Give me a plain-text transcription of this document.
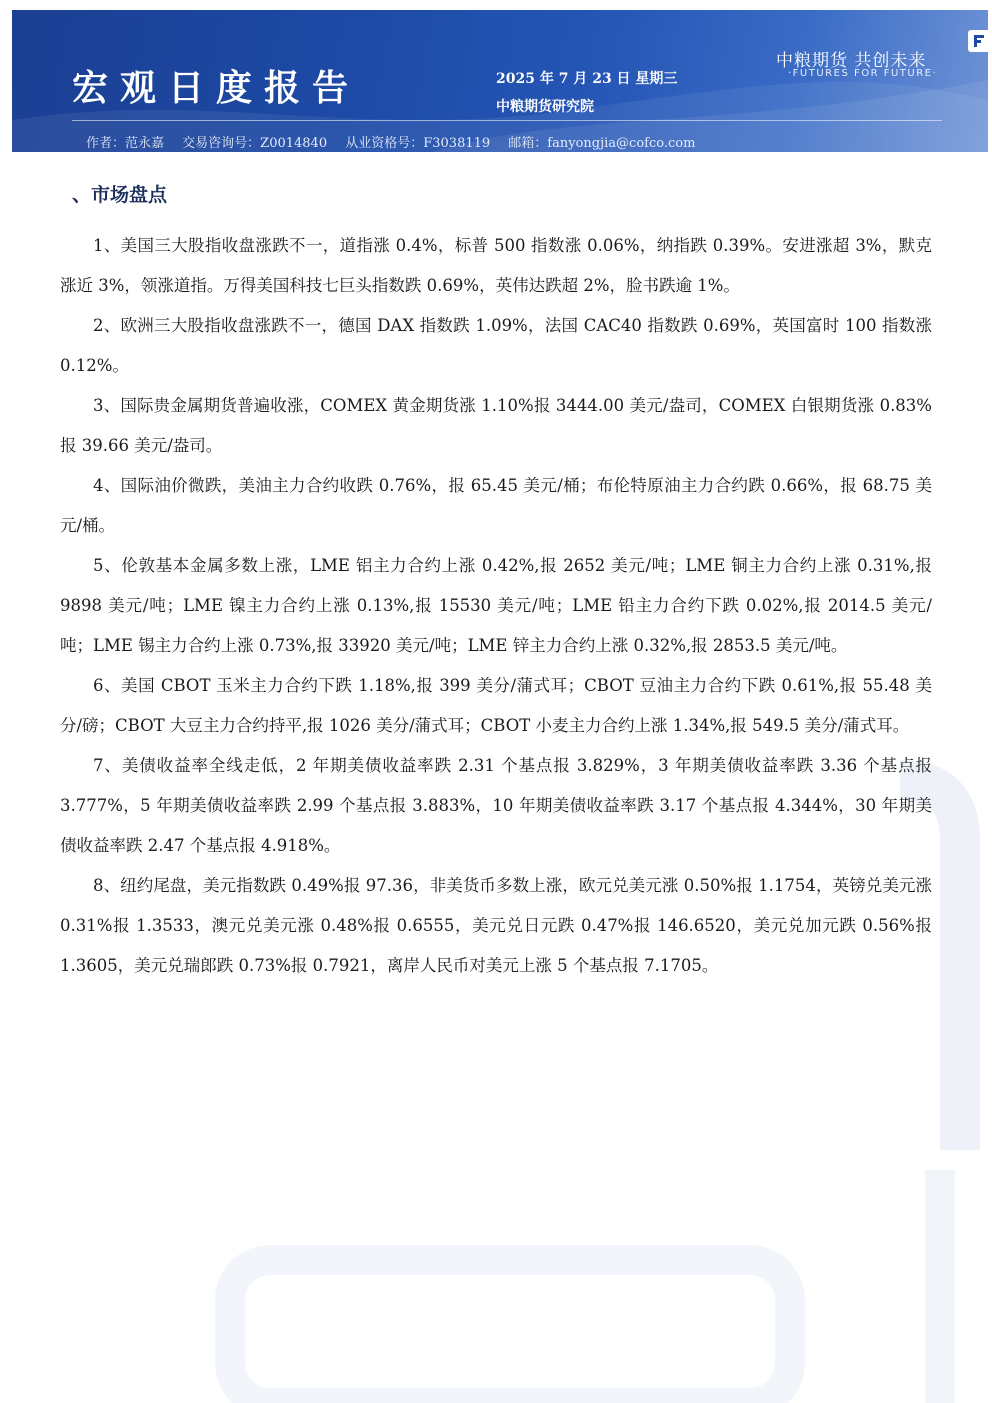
宏观日度报告	2025 年 7 月 23 日 星期三
中粮期货研究院
中粮期货 共创未来
·FUTURES FOR FUTURE·
作者：范永嘉 交易咨询号：Z0014840 从业资格号：F3038119 邮箱：fanyongjia@cofco.com
、市场盘点

1、美国三大股指收盘涨跌不一，道指涨 0.4%，标普 500 指数涨 0.06%，纳指跌 0.39%。安进涨超 3%，默克涨近 3%，领涨道指。万得美国科技七巨头指数跌 0.69%，英伟达跌超 2%，脸书跌逾 1%。

2、欧洲三大股指收盘涨跌不一，德国 DAX 指数跌 1.09%，法国 CAC40 指数跌 0.69%，英国富时 100 指数涨 0.12%。

3、国际贵金属期货普遍收涨，COMEX 黄金期货涨 1.10%报 3444.00 美元/盎司，COMEX 白银期货涨 0.83%报 39.66 美元/盎司。

4、国际油价微跌，美油主力合约收跌 0.76%，报 65.45 美元/桶；布伦特原油主力合约跌 0.66%，报 68.75 美元/桶。

5、伦敦基本金属多数上涨，LME 铝主力合约上涨 0.42%,报 2652 美元/吨；LME 铜主力合约上涨 0.31%,报 9898 美元/吨；LME 镍主力合约上涨 0.13%,报 15530 美元/吨；LME 铅主力合约下跌 0.02%,报 2014.5 美元/吨；LME 锡主力合约上涨 0.73%,报 33920 美元/吨；LME 锌主力合约上涨 0.32%,报 2853.5 美元/吨。

6、美国 CBOT 玉米主力合约下跌 1.18%,报 399 美分/蒲式耳；CBOT 豆油主力合约下跌 0.61%,报 55.48 美分/磅；CBOT 大豆主力合约持平,报 1026 美分/蒲式耳；CBOT 小麦主力合约上涨 1.34%,报 549.5 美分/蒲式耳。

7、美债收益率全线走低，2 年期美债收益率跌 2.31 个基点报 3.829%，3 年期美债收益率跌 3.36 个基点报 3.777%，5 年期美债收益率跌 2.99 个基点报 3.883%，10 年期美债收益率跌 3.17 个基点报 4.344%，30 年期美债收益率跌 2.47 个基点报 4.918%。

8、纽约尾盘，美元指数跌 0.49%报 97.36，非美货币多数上涨，欧元兑美元涨 0.50%报 1.1754，英镑兑美元涨 0.31%报 1.3533，澳元兑美元涨 0.48%报 0.6555，美元兑日元跌 0.47%报 146.6520，美元兑加元跌 0.56%报 1.3605，美元兑瑞郎跌 0.73%报 0.7921，离岸人民币对美元上涨 5 个基点报 7.1705。
